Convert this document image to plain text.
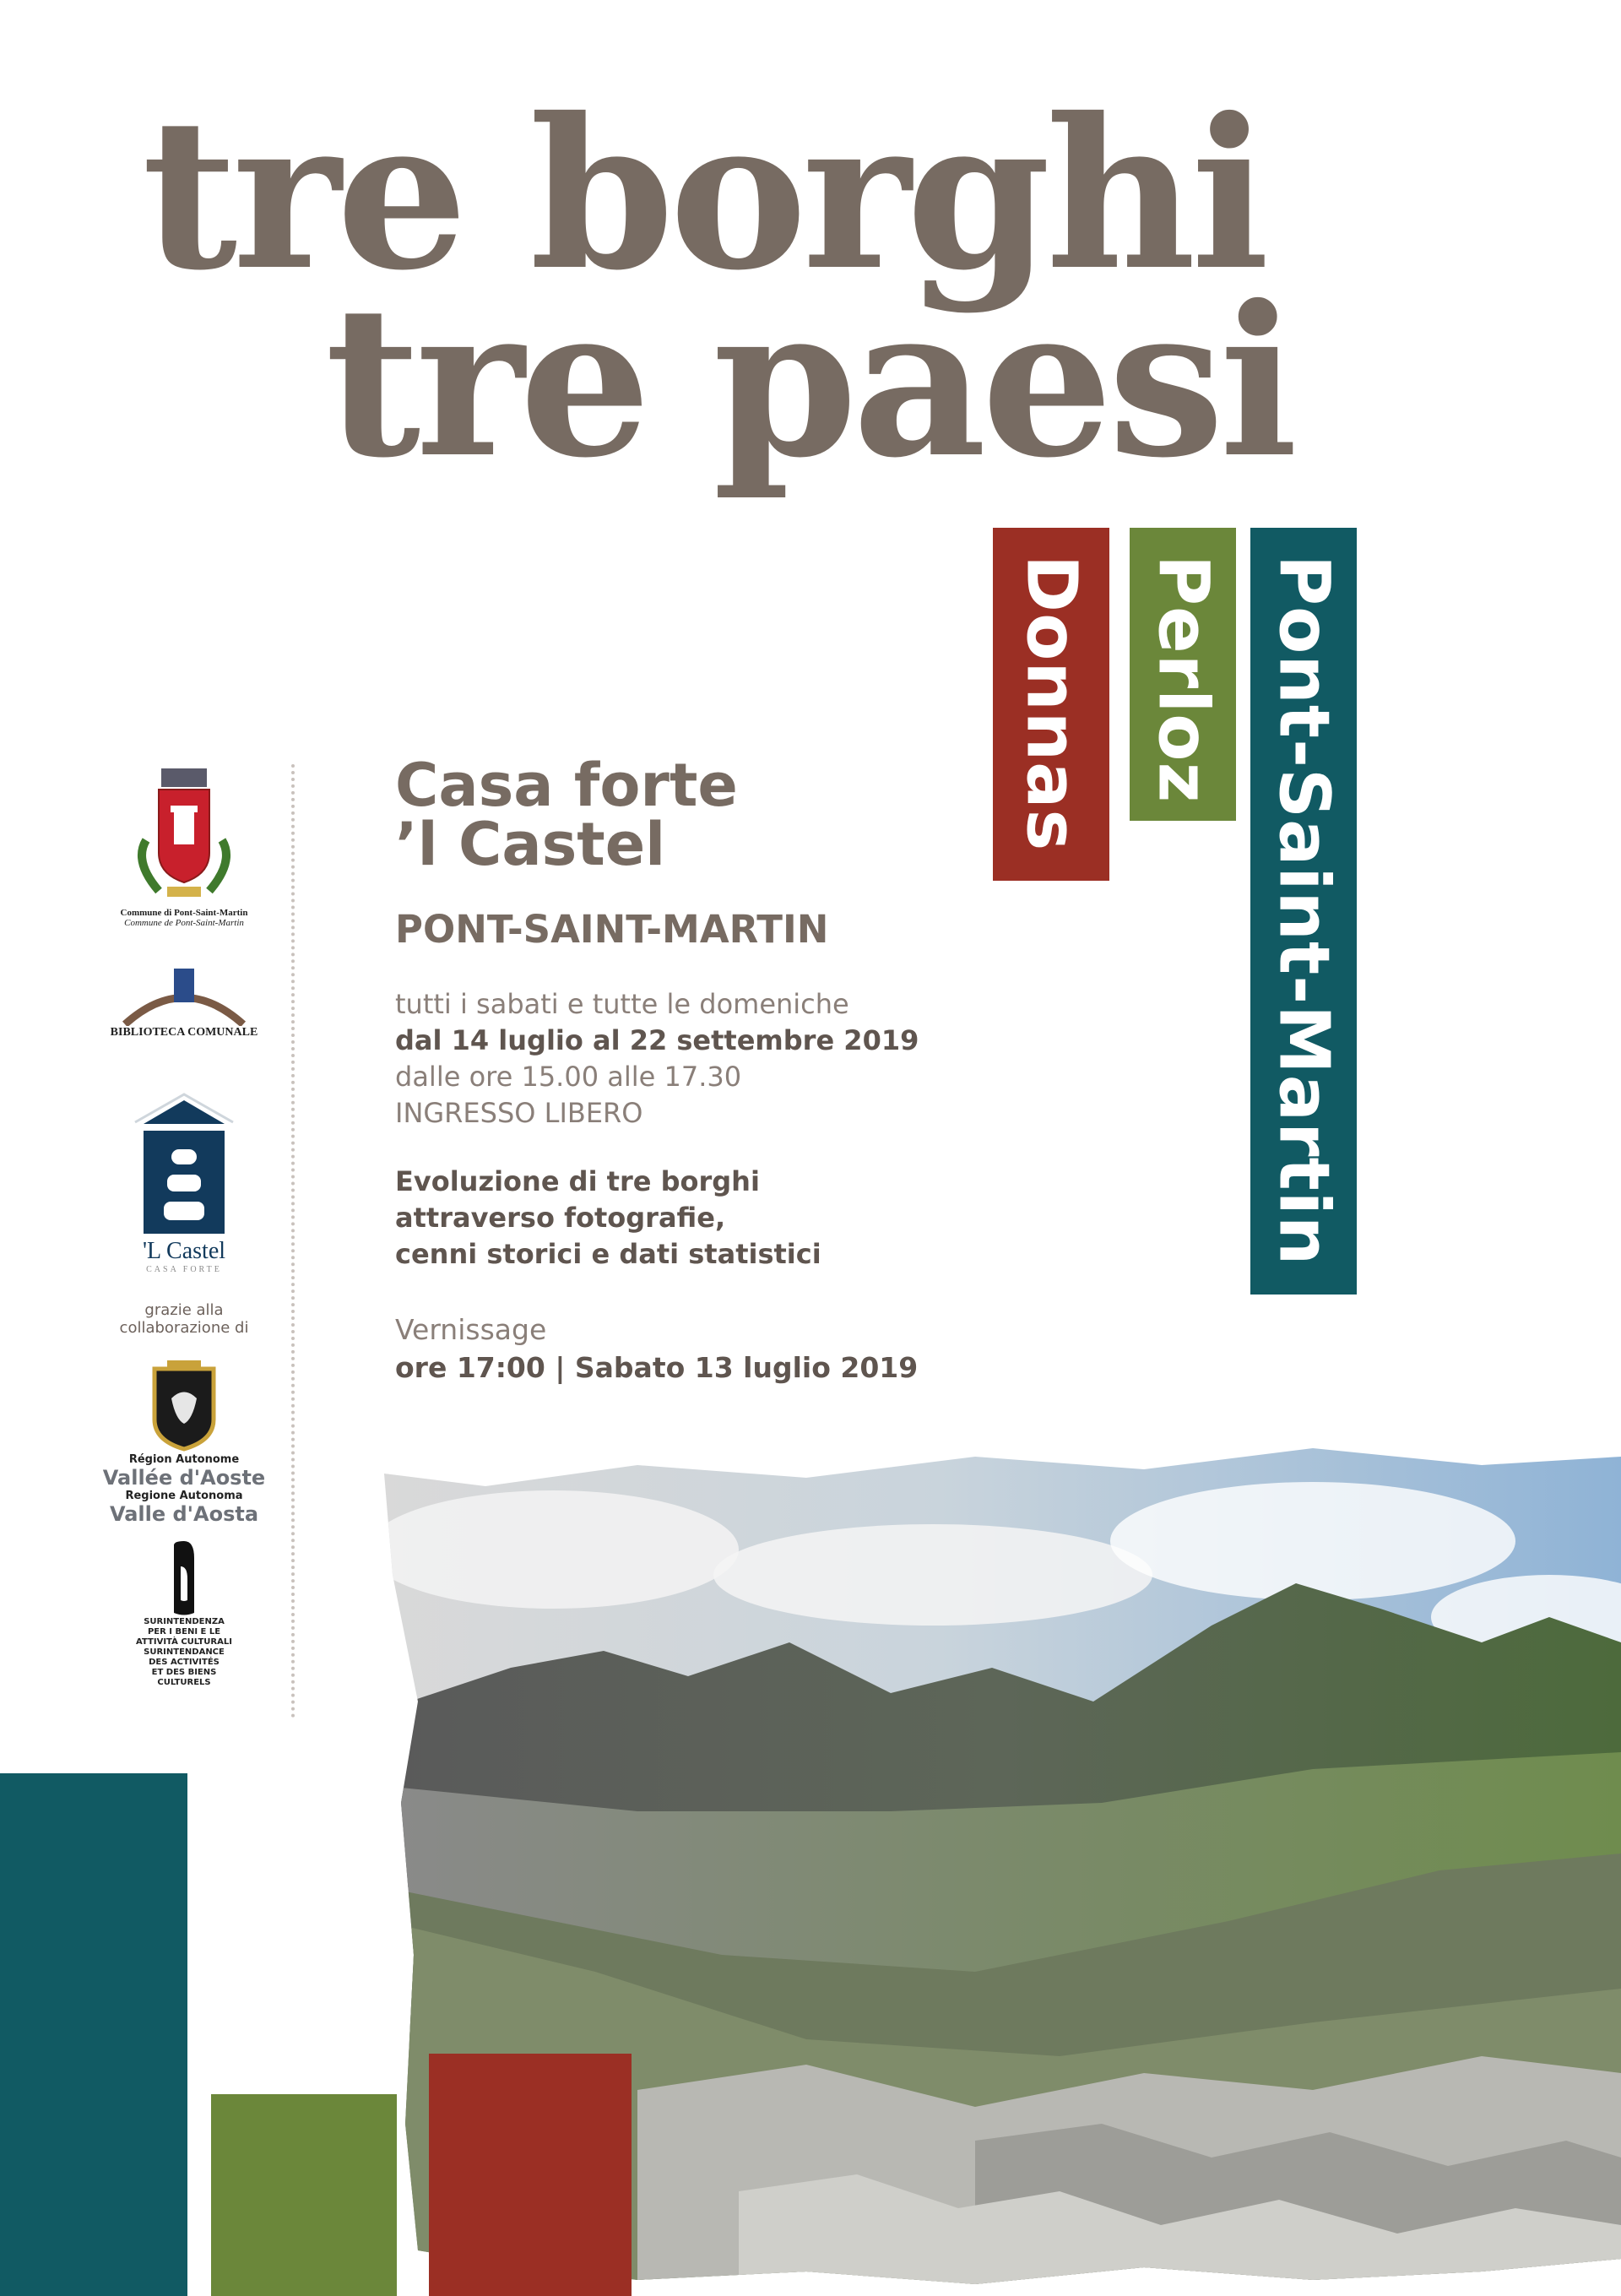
tre borghi
tre paesi
Donnas Perloz Pont-Saint-Martin
Commune di Pont-Saint-Martin
Commune de Pont-Saint-Martin
BIBLIOTECA COMUNALE
'L Castel
CASA FORTE
grazie alla
collaborazione di
Région Autonome
Vallée d'Aoste
Regione Autonoma
Valle d'Aosta
SURINTENDENZA
PER I BENI E LE
ATTIVITÀ CULTURALI
SURINTENDANCE
DES ACTIVITÉS
ET DES BIENS
CULTURELS
Casa forte
’l Castel
PONT-SAINT-MARTIN
tutti i sabati e tutte le domeniche
dal 14 luglio al 22 settembre 2019
dalle ore 15.00 alle 17.30
INGRESSO LIBERO
Evoluzione di tre borghi
attraverso fotografie,
cenni storici e dati statistici
Vernissage
ore 17:00 | Sabato 13 luglio 2019
